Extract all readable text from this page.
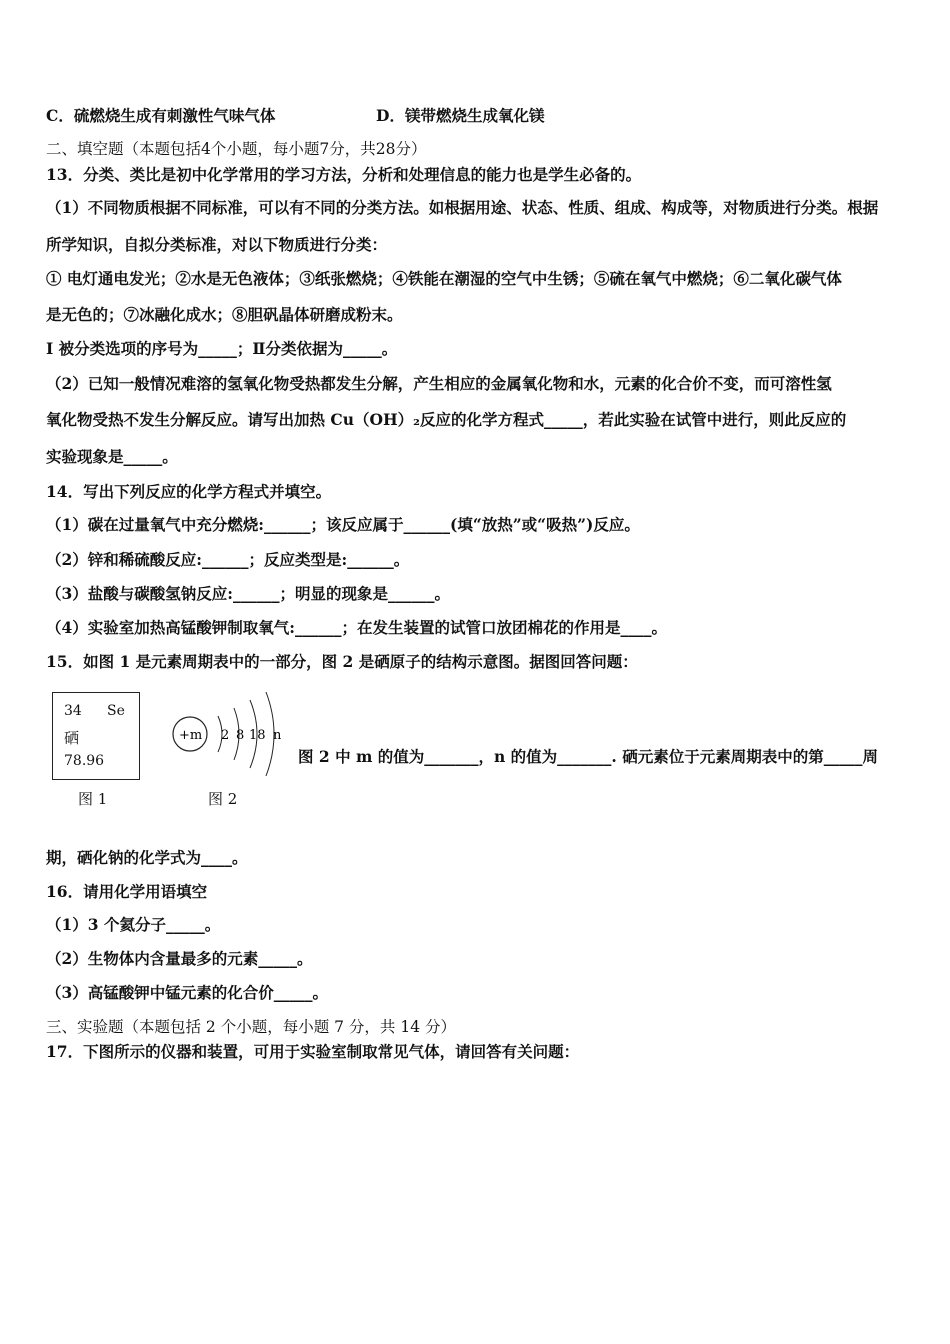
C．硫燃烧生成有刺激性气味气体	D．镁带燃烧生成氧化镁
二、填空题（本题包括4个小题，每小题7分，共28分）
13．分类、类比是初中化学常用的学习方法，分析和处理信息的能力也是学生必备的。
（1）不同物质根据不同标准，可以有不同的分类方法。如根据用途、状态、性质、组成、构成等，对物质进行分类。根据
所学知识，自拟分类标准，对以下物质进行分类：
① 电灯通电发光；②水是无色液体；③纸张燃烧；④铁能在潮湿的空气中生锈；⑤硫在氧气中燃烧；⑥二氧化碳气体
是无色的；⑦冰融化成水；⑧胆矾晶体研磨成粉末。
I 被分类选项的序号为_____；Ⅱ分类依据为_____。
（2）已知一般情况难溶的氢氧化物受热都发生分解，产生相应的金属氧化物和水，元素的化合价不变，而可溶性氢
氧化物受热不发生分解反应。请写出加热 Cu（OH）₂反应的化学方程式_____，若此实验在试管中进行，则此反应的
实验现象是_____。
14．写出下列反应的化学方程式并填空。
（1）碳在过量氧气中充分燃烧:______；该反应属于______(填“放热”或“吸热”)反应。
（2）锌和稀硫酸反应:______；反应类型是:______。
（3）盐酸与碳酸氢钠反应:______；明显的现象是______。
（4）实验室加热高锰酸钾制取氧气:______；在发生装置的试管口放团棉花的作用是____。
15．如图 1 是元素周期表中的一部分，图 2 是硒原子的结构示意图。据图回答问题：
34 Se
硒
78.96
图 1
+m 2 8 18 n
图 2
图 2 中 m 的值为_______，n 的值为_______. 硒元素位于元素周期表中的第_____周
期，硒化钠的化学式为____。
16．请用化学用语填空
（1）3 个氦分子_____。
（2）生物体内含量最多的元素_____。
（3）高锰酸钾中锰元素的化合价_____。
三、实验题（本题包括 2 个小题，每小题 7 分，共 14 分）
17．下图所示的仪器和装置，可用于实验室制取常见气体，请回答有关问题：
